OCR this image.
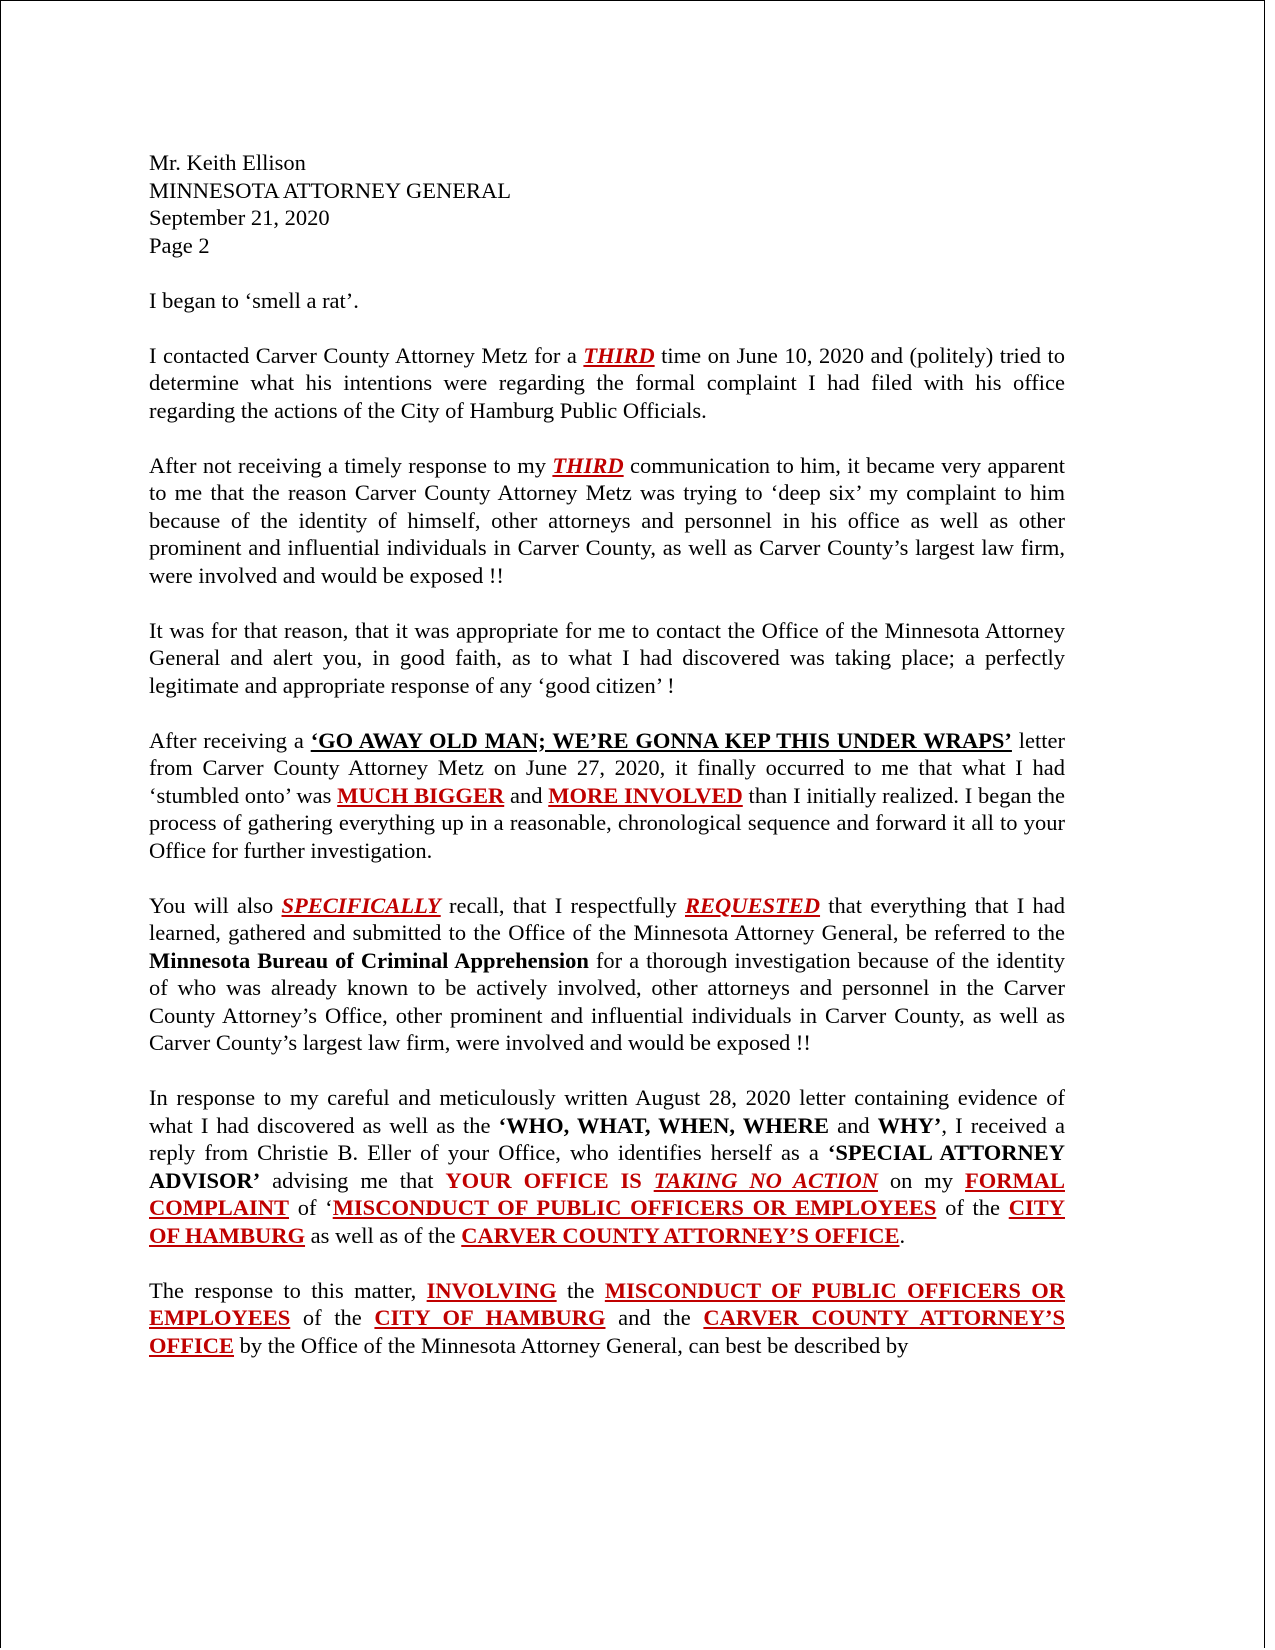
Mr. Keith Ellison
MINNESOTA ATTORNEY GENERAL
September 21, 2020
Page 2

I began to ‘smell a rat’.

I contacted Carver County Attorney Metz for a THIRD time on June 10, 2020 and (politely) tried to determine what his intentions were regarding the formal complaint I had filed with his office regarding the actions of the City of Hamburg Public Officials.

After not receiving a timely response to my THIRD communication to him, it became very apparent to me that the reason Carver County Attorney Metz was trying to ‘deep six’ my complaint to him because of the identity of himself, other attorneys and personnel in his office as well as other prominent and influential individuals in Carver County, as well as Carver County’s largest law firm, were involved and would be exposed !!

It was for that reason, that it was appropriate for me to contact the Office of the Minnesota Attorney General and alert you, in good faith, as to what I had discovered was taking place; a perfectly legitimate and appropriate response of any ‘good citizen’ !

After receiving a ‘GO AWAY OLD MAN; WE’RE GONNA KEP THIS UNDER WRAPS’ letter from Carver County Attorney Metz on June 27, 2020, it finally occurred to me that what I had ‘stumbled onto’ was MUCH BIGGER and MORE INVOLVED than I initially realized. I began the process of gathering everything up in a reasonable, chronological sequence and forward it all to your Office for further investigation.

You will also SPECIFICALLY recall, that I respectfully REQUESTED that everything that I had learned, gathered and submitted to the Office of the Minnesota Attorney General, be referred to the Minnesota Bureau of Criminal Apprehension for a thorough investigation because of the identity of who was already known to be actively involved, other attorneys and personnel in the Carver County Attorney’s Office, other prominent and influential individuals in Carver County, as well as Carver County’s largest law firm, were involved and would be exposed !!

In response to my careful and meticulously written August 28, 2020 letter containing evidence of what I had discovered as well as the ‘WHO, WHAT, WHEN, WHERE and WHY’, I received a reply from Christie B. Eller of your Office, who identifies herself as a ‘SPECIAL ATTORNEY ADVISOR’ advising me that YOUR OFFICE IS TAKING NO ACTION on my FORMAL COMPLAINT of ‘MISCONDUCT OF PUBLIC OFFICERS OR EMPLOYEES of the CITY OF HAMBURG as well as of the CARVER COUNTY ATTORNEY’S OFFICE.

The response to this matter, INVOLVING the MISCONDUCT OF PUBLIC OFFICERS OR EMPLOYEES of the CITY OF HAMBURG and the CARVER COUNTY ATTORNEY’S OFFICE by the Office of the Minnesota Attorney General, can best be described by
